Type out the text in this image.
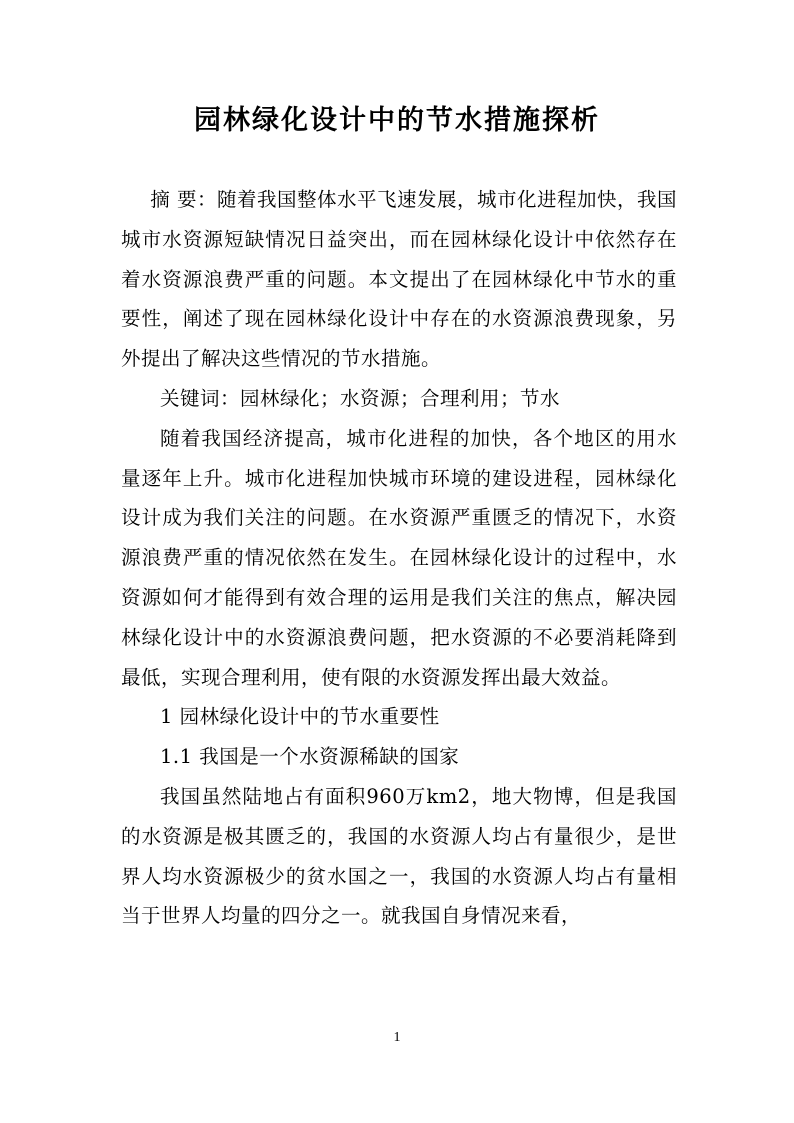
园林绿化设计中的节水措施探析

摘 要：随着我国整体水平飞速发展，城市化进程加快，我国城市水资源短缺情况日益突出，而在园林绿化设计中依然存在着水资源浪费严重的问题。本文提出了在园林绿化中节水的重要性，阐述了现在园林绿化设计中存在的水资源浪费现象，另外提出了解决这些情况的节水措施。

关键词：园林绿化；水资源；合理利用；节水

随着我国经济提高，城市化进程的加快，各个地区的用水量逐年上升。城市化进程加快城市环境的建设进程，园林绿化设计成为我们关注的问题。在水资源严重匮乏的情况下，水资源浪费严重的情况依然在发生。在园林绿化设计的过程中，水资源如何才能得到有效合理的运用是我们关注的焦点，解决园林绿化设计中的水资源浪费问题，把水资源的不必要消耗降到最低，实现合理利用，使有限的水资源发挥出最大效益。

1 园林绿化设计中的节水重要性

1.1 我国是一个水资源稀缺的国家

我国虽然陆地占有面积960万km2，地大物博，但是我国的水资源是极其匮乏的，我国的水资源人均占有量很少，是世界人均水资源极少的贫水国之一，我国的水资源人均占有量相当于世界人均量的四分之一。就我国自身情况来看，

1
